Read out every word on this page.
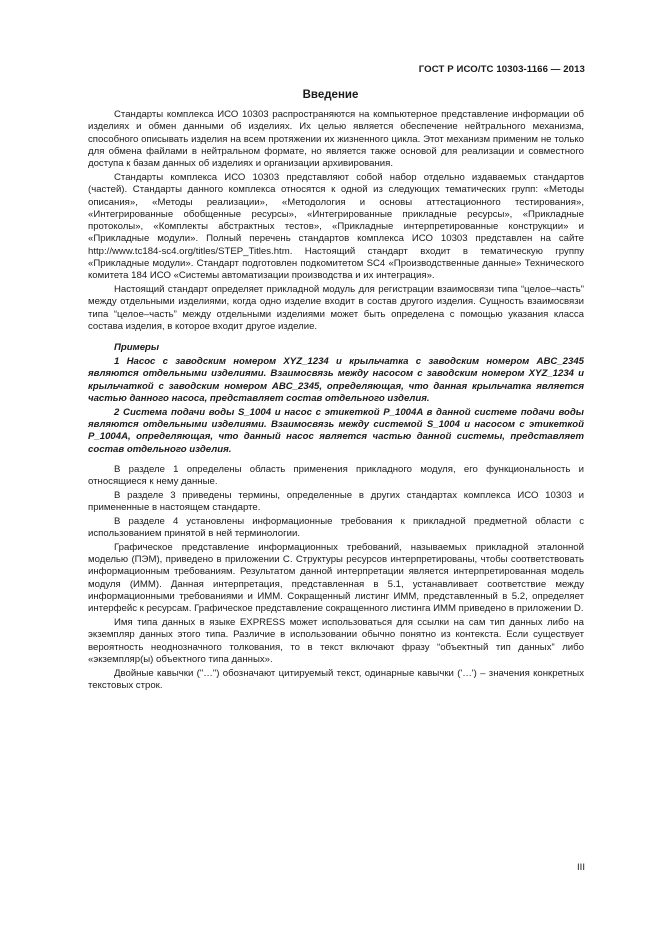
ГОСТ Р ИСО/ТС 10303-1166 — 2013
Введение

Стандарты комплекса ИСО 10303 распространяются на компьютерное представление информации об изделиях и обмен данными об изделиях. Их целью является обеспечение нейтрального механизма, способного описывать изделия на всем протяжении их жизненного цикла. Этот механизм применим не только для обмена файлами в нейтральном формате, но является также основой для реализации и совместного доступа к базам данных об изделиях и организации архивирования.

Стандарты комплекса ИСО 10303 представляют собой набор отдельно издаваемых стандартов (частей). Стандарты данного комплекса относятся к одной из следующих тематических групп: «Методы описания», «Методы реализации», «Методология и основы аттестационного тестирования», «Интегрированные обобщенные ресурсы», «Интегрированные прикладные ресурсы», «Прикладные протоколы», «Комплекты абстрактных тестов», «Прикладные интерпретированные конструкции» и «Прикладные модули». Полный перечень стандартов комплекса ИСО 10303 представлен на сайте http://www.tc184-sc4.org/titles/STEP_Titles.htm. Настоящий стандарт входит в тематическую группу «Прикладные модули». Стандарт подготовлен подкомитетом SC4 «Производственные данные» Технического комитета 184 ИСО «Системы автоматизации производства и их интеграция».

Настоящий стандарт определяет прикладной модуль для регистрации взаимосвязи типа “целое–часть” между отдельными изделиями, когда одно изделие входит в состав другого изделия. Сущность взаимосвязи типа “целое–часть” между отдельными изделиями может быть определена с помощью указания класса состава изделия, в которое входит другое изделие.

Примеры

1 Насос с заводским номером XYZ_1234 и крыльчатка с заводским номером ABC_2345 являются отдельными изделиями. Взаимосвязь между насосом с заводским номером XYZ_1234 и крыльчаткой с заводским номером ABC_2345, определяющая, что данная крыльчатка является частью данного насоса, представляет состав отдельного изделия.

2 Система подачи воды S_1004 и насос с этикеткой P_1004A в данной системе подачи воды являются отдельными изделиями. Взаимосвязь между системой S_1004 и насосом с этикеткой P_1004A, определяющая, что данный насос является частью данной системы, представляет состав отдельного изделия.

В разделе 1 определены область применения прикладного модуля, его функциональность и относящиеся к нему данные.

В разделе 3 приведены термины, определенные в других стандартах комплекса ИСО 10303 и примененные в настоящем стандарте.

В разделе 4 установлены информационные требования к прикладной предметной области с использованием принятой в ней терминологии.

Графическое представление информационных требований, называемых прикладной эталонной моделью (ПЭМ), приведено в приложении С. Структуры ресурсов интерпретированы, чтобы соответствовать информационным требованиям. Результатом данной интерпретации является интерпретированная модель модуля (ИММ). Данная интерпретация, представленная в 5.1, устанавливает соответствие между информационными требованиями и ИММ. Сокращенный листинг ИММ, представленный в 5.2, определяет интерфейс к ресурсам. Графическое представление сокращенного листинга ИММ приведено в приложении D.

Имя типа данных в языке EXPRESS может использоваться для ссылки на сам тип данных либо на экземпляр данных этого типа. Различие в использовании обычно понятно из контекста. Если существует вероятность неоднозначного толкования, то в текст включают фразу “объектный тип данных” либо «экземпляр(ы) объектного типа данных».

Двойные кавычки ("…") обозначают цитируемый текст, одинарные кавычки ('…') – значения конкретных текстовых строк.

III
